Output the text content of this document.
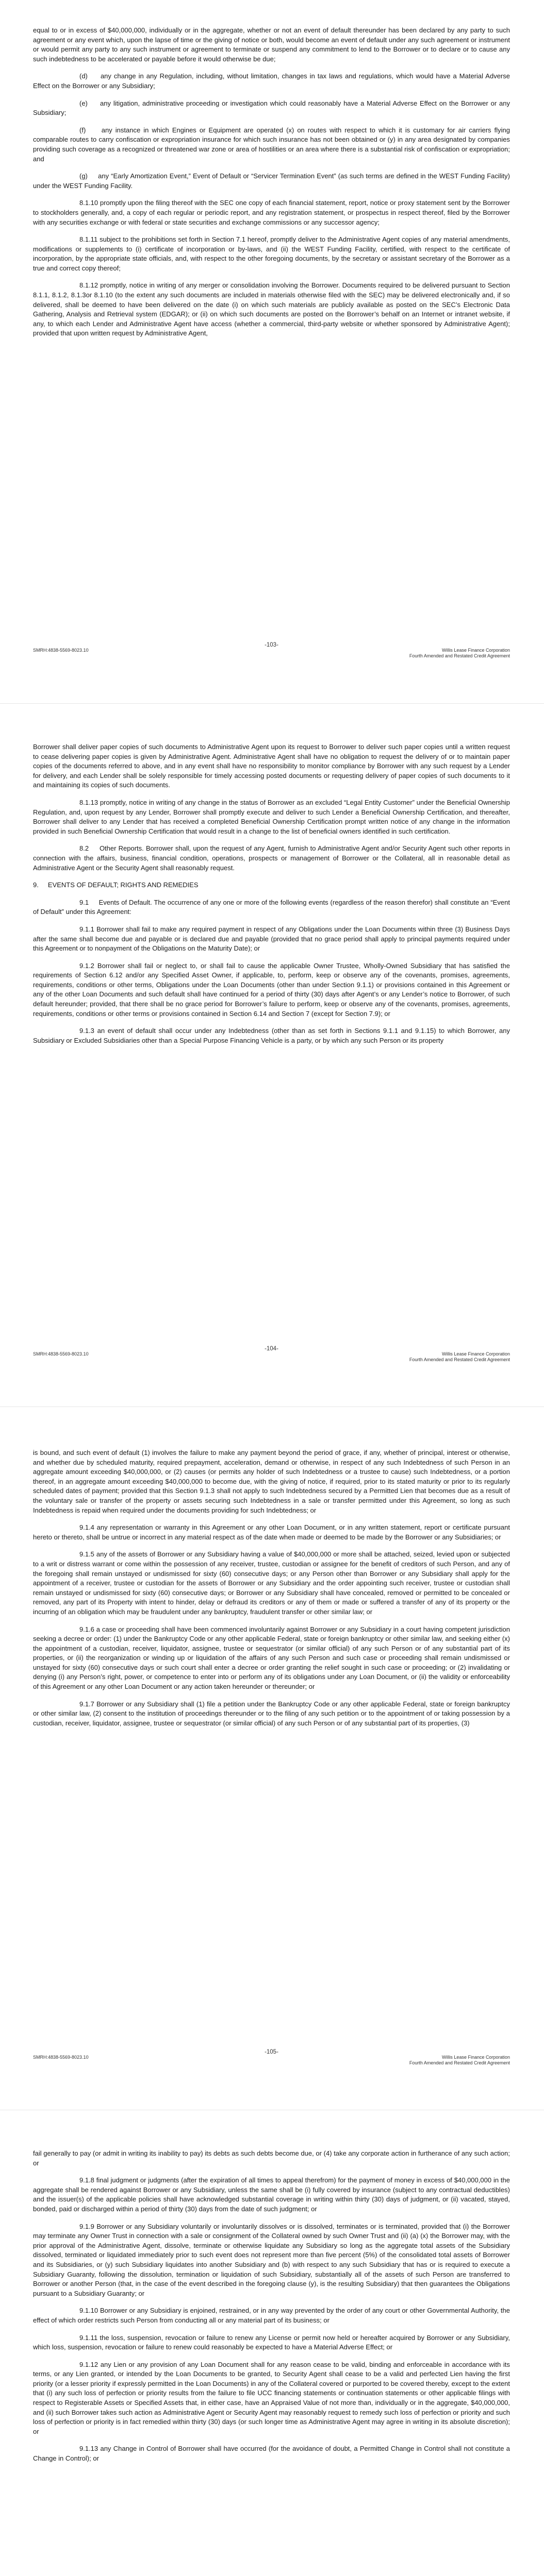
equal to or in excess of $40,000,000, individually or in the aggregate, whether or not an event of default thereunder has been declared by any party to such agreement or any event which, upon the lapse of time or the giving of notice or both, would become an event of default under any such agreement or instrument or would permit any party to any such instrument or agreement to terminate or suspend any commitment to lend to the Borrower or to declare or to cause any such indebtedness to be accelerated or payable before it would otherwise be due;

(d)     any change in any Regulation, including, without limitation, changes in tax laws and regulations, which would have a Material Adverse Effect on the Borrower or any Subsidiary;

(e)     any litigation, administrative proceeding or investigation which could reasonably have a Material Adverse Effect on the Borrower or any Subsidiary;

(f)     any instance in which Engines or Equipment are operated (x) on routes with respect to which it is customary for air carriers flying comparable routes to carry confiscation or expropriation insurance for which such insurance has not been obtained or (y) in any area designated by companies providing such coverage as a recognized or threatened war zone or area of hostilities or an area where there is a substantial risk of confiscation or expropriation; and

(g)     any “Early Amortization Event,” Event of Default or “Servicer Termination Event” (as such terms are defined in the WEST Funding Facility) under the WEST Funding Facility.

8.1.10 promptly upon the filing thereof with the SEC one copy of each financial statement, report, notice or proxy statement sent by the Borrower to stockholders generally, and, a copy of each regular or periodic report, and any registration statement, or prospectus in respect thereof, filed by the Borrower with any securities exchange or with federal or state securities and exchange commissions or any successor agency;

8.1.11 subject to the prohibitions set forth in Section 7.1 hereof, promptly deliver to the Administrative Agent copies of any material amendments, modifications or supplements to (i) certificate of incorporation or by-laws, and (ii) the WEST Funding Facility, certified, with respect to the certificate of incorporation, by the appropriate state officials, and, with respect to the other foregoing documents, by the secretary or assistant secretary of the Borrower as a true and correct copy thereof;

8.1.12 promptly, notice in writing of any merger or consolidation involving the Borrower. Documents required to be delivered pursuant to Section 8.1.1, 8.1.2, 8.1.3or 8.1.10 (to the extent any such documents are included in materials otherwise filed with the SEC) may be delivered electronically and, if so delivered, shall be deemed to have been delivered on the date (i) on which such materials are publicly available as posted on the SEC’s Electronic Data Gathering, Analysis and Retrieval system (EDGAR); or (ii) on which such documents are posted on the Borrower’s behalf on an Internet or intranet website, if any, to which each Lender and Administrative Agent have access (whether a commercial, third-party website or whether sponsored by Administrative Agent); provided that upon written request by Administrative Agent,

SMRH:4838-5569-8023.10
-103-
Willis Lease Finance Corporation
Fourth Amended and Restated Credit Agreement

Borrower shall deliver paper copies of such documents to Administrative Agent upon its request to Borrower to deliver such paper copies until a written request to cease delivering paper copies is given by Administrative Agent. Administrative Agent shall have no obligation to request the delivery of or to maintain paper copies of the documents referred to above, and in any event shall have no responsibility to monitor compliance by Borrower with any such request by a Lender for delivery, and each Lender shall be solely responsible for timely accessing posted documents or requesting delivery of paper copies of such documents to it and maintaining its copies of such documents.

8.1.13 promptly, notice in writing of any change in the status of Borrower as an excluded “Legal Entity Customer” under the Beneficial Ownership Regulation, and, upon request by any Lender, Borrower shall promptly execute and deliver to such Lender a Beneficial Ownership Certification, and thereafter, Borrower shall deliver to any Lender that has received a completed Beneficial Ownership Certification prompt written notice of any change in the information provided in such Beneficial Ownership Certification that would result in a change to the list of beneficial owners identified in such certification.

8.2     Other Reports. Borrower shall, upon the request of any Agent, furnish to Administrative Agent and/or Security Agent such other reports in connection with the affairs, business, financial condition, operations, prospects or management of Borrower or the Collateral, all in reasonable detail as Administrative Agent or the Security Agent shall reasonably request.

9.     EVENTS OF DEFAULT; RIGHTS AND REMEDIES

9.1     Events of Default. The occurrence of any one or more of the following events (regardless of the reason therefor) shall constitute an “Event of Default” under this Agreement:

9.1.1 Borrower shall fail to make any required payment in respect of any Obligations under the Loan Documents within three (3) Business Days after the same shall become due and payable or is declared due and payable (provided that no grace period shall apply to principal payments required under this Agreement or to nonpayment of the Obligations on the Maturity Date); or

9.1.2 Borrower shall fail or neglect to, or shall fail to cause the applicable Owner Trustee, Wholly-Owned Subsidiary that has satisfied the requirements of Section 6.12 and/or any Specified Asset Owner, if applicable, to, perform, keep or observe any of the covenants, promises, agreements, requirements, conditions or other terms, Obligations under the Loan Documents (other than under Section 9.1.1) or provisions contained in this Agreement or any of the other Loan Documents and such default shall have continued for a period of thirty (30) days after Agent’s or any Lender’s notice to Borrower, of such default hereunder; provided, that there shall be no grace period for Borrower’s failure to perform, keep or observe any of the covenants, promises, agreements, requirements, conditions or other terms or provisions contained in Section 6.14 and Section 7 (except for Section 7.9); or

9.1.3 an event of default shall occur under any Indebtedness (other than as set forth in Sections 9.1.1 and 9.1.15) to which Borrower, any Subsidiary or Excluded Subsidiaries other than a Special Purpose Financing Vehicle is a party, or by which any such Person or its property

SMRH:4838-5569-8023.10
-104-
Willis Lease Finance Corporation
Fourth Amended and Restated Credit Agreement

is bound, and such event of default (1) involves the failure to make any payment beyond the period of grace, if any, whether of principal, interest or otherwise, and whether due by scheduled maturity, required prepayment, acceleration, demand or otherwise, in respect of any such Indebtedness of such Person in an aggregate amount exceeding $40,000,000, or (2) causes (or permits any holder of such Indebtedness or a trustee to cause) such Indebtedness, or a portion thereof, in an aggregate amount exceeding $40,000,000 to become due, with the giving of notice, if required, prior to its stated maturity or prior to its regularly scheduled dates of payment; provided that this Section 9.1.3 shall not apply to such Indebtedness secured by a Permitted Lien that becomes due as a result of the voluntary sale or transfer of the property or assets securing such Indebtedness in a sale or transfer permitted under this Agreement, so long as such Indebtedness is repaid when required under the documents providing for such Indebtedness; or

9.1.4 any representation or warranty in this Agreement or any other Loan Document, or in any written statement, report or certificate pursuant hereto or thereto, shall be untrue or incorrect in any material respect as of the date when made or deemed to be made by the Borrower or any Subsidiaries; or

9.1.5 any of the assets of Borrower or any Subsidiary having a value of $40,000,000 or more shall be attached, seized, levied upon or subjected to a writ or distress warrant or come within the possession of any receiver, trustee, custodian or assignee for the benefit of creditors of such Person, and any of the foregoing shall remain unstayed or undismissed for sixty (60) consecutive days; or any Person other than Borrower or any Subsidiary shall apply for the appointment of a receiver, trustee or custodian for the assets of Borrower or any Subsidiary and the order appointing such receiver, trustee or custodian shall remain unstayed or undismissed for sixty (60) consecutive days; or Borrower or any Subsidiary shall have concealed, removed or permitted to be concealed or removed, any part of its Property with intent to hinder, delay or defraud its creditors or any of them or made or suffered a transfer of any of its property or the incurring of an obligation which may be fraudulent under any bankruptcy, fraudulent transfer or other similar law; or

9.1.6 a case or proceeding shall have been commenced involuntarily against Borrower or any Subsidiary in a court having competent jurisdiction seeking a decree or order: (1) under the Bankruptcy Code or any other applicable Federal, state or foreign bankruptcy or other similar law, and seeking either (x) the appointment of a custodian, receiver, liquidator, assignee, trustee or sequestrator (or similar official) of any such Person or of any substantial part of its properties, or (ii) the reorganization or winding up or liquidation of the affairs of any such Person and such case or proceeding shall remain undismissed or unstayed for sixty (60) consecutive days or such court shall enter a decree or order granting the relief sought in such case or proceeding; or (2) invalidating or denying (i) any Person’s right, power, or competence to enter into or perform any of its obligations under any Loan Document, or (ii) the validity or enforceability of this Agreement or any other Loan Document or any action taken hereunder or thereunder; or

9.1.7 Borrower or any Subsidiary shall (1) file a petition under the Bankruptcy Code or any other applicable Federal, state or foreign bankruptcy or other similar law, (2) consent to the institution of proceedings thereunder or to the filing of any such petition or to the appointment of or taking possession by a custodian, receiver, liquidator, assignee, trustee or sequestrator (or similar official) of any such Person or of any substantial part of its properties, (3)

SMRH:4838-5569-8023.10
-105-
Willis Lease Finance Corporation
Fourth Amended and Restated Credit Agreement

fail generally to pay (or admit in writing its inability to pay) its debts as such debts become due, or (4) take any corporate action in furtherance of any such action; or

9.1.8 final judgment or judgments (after the expiration of all times to appeal therefrom) for the payment of money in excess of $40,000,000 in the aggregate shall be rendered against Borrower or any Subsidiary, unless the same shall be (i) fully covered by insurance (subject to any contractual deductibles) and the issuer(s) of the applicable policies shall have acknowledged substantial coverage in writing within thirty (30) days of judgment, or (ii) vacated, stayed, bonded, paid or discharged within a period of thirty (30) days from the date of such judgment; or

9.1.9 Borrower or any Subsidiary voluntarily or involuntarily dissolves or is dissolved, terminates or is terminated, provided that (i) the Borrower may terminate any Owner Trust in connection with a sale or consignment of the Collateral owned by such Owner Trust and (ii) (a) (x) the Borrower may, with the prior approval of the Administrative Agent, dissolve, terminate or otherwise liquidate any Subsidiary so long as the aggregate total assets of the Subsidiary dissolved, terminated or liquidated immediately prior to such event does not represent more than five percent (5%) of the consolidated total assets of Borrower and its Subsidiaries, or (y) such Subsidiary liquidates into another Subsidiary and (b) with respect to any such Subsidiary that has or is required to execute a Subsidiary Guaranty, following the dissolution, termination or liquidation of such Subsidiary, substantially all of the assets of such Person are transferred to Borrower or another Person (that, in the case of the event described in the foregoing clause (y), is the resulting Subsidiary) that then guarantees the Obligations pursuant to a Subsidiary Guaranty; or

9.1.10 Borrower or any Subsidiary is enjoined, restrained, or in any way prevented by the order of any court or other Governmental Authority, the effect of which order restricts such Person from conducting all or any material part of its business; or

9.1.11 the loss, suspension, revocation or failure to renew any License or permit now held or hereafter acquired by Borrower or any Subsidiary, which loss, suspension, revocation or failure to renew could reasonably be expected to have a Material Adverse Effect; or

9.1.12 any Lien or any provision of any Loan Document shall for any reason cease to be valid, binding and enforceable in accordance with its terms, or any Lien granted, or intended by the Loan Documents to be granted, to Security Agent shall cease to be a valid and perfected Lien having the first priority (or a lesser priority if expressly permitted in the Loan Documents) in any of the Collateral covered or purported to be covered thereby, except to the extent that (i) any such loss of perfection or priority results from the failure to file UCC financing statements or continuation statements or other applicable filings with respect to Registerable Assets or Specified Assets that, in either case, have an Appraised Value of not more than, individually or in the aggregate, $40,000,000, and (ii) such Borrower takes such action as Administrative Agent or Security Agent may reasonably request to remedy such loss of perfection or priority and such loss of perfection or priority is in fact remedied within thirty (30) days (or such longer time as Administrative Agent may agree in writing in its absolute discretion); or

9.1.13 any Change in Control of Borrower shall have occurred (for the avoidance of doubt, a Permitted Change in Control shall not constitute a Change in Control); or
